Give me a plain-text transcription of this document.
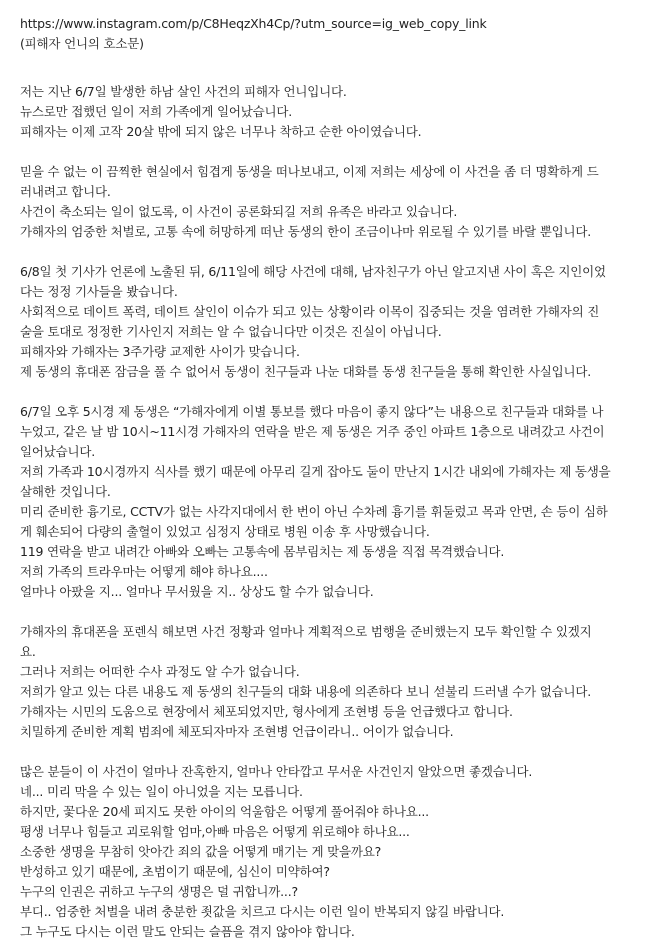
https://www.instagram.com/p/C8HeqzXh4Cp/?utm_source=ig_web_copy_link
(피해자 언니의 호소문)
저는 지난 6/7일 발생한 하남 살인 사건의 피해자 언니입니다.
뉴스로만 접했던 일이 저희 가족에게 일어났습니다.
피해자는 이제 고작 20살 밖에 되지 않은 너무나 착하고 순한 아이였습니다.
믿을 수 없는 이 끔찍한 현실에서 힘겹게 동생을 떠나보내고, 이제 저희는 세상에 이 사건을 좀 더 명확하게 드
러내려고 합니다.
사건이 축소되는 일이 없도록, 이 사건이 공론화되길 저희 유족은 바라고 있습니다.
가해자의 엄중한 처벌로, 고통 속에 허망하게 떠난 동생의 한이 조금이나마 위로될 수 있기를 바랄 뿐입니다.
6/8일 첫 기사가 언론에 노출된 뒤, 6/11일에 해당 사건에 대해, 남자친구가 아닌 알고지낸 사이 혹은 지인이었
다는 정정 기사들을 봤습니다.
사회적으로 데이트 폭력, 데이트 살인이 이슈가 되고 있는 상황이라 이목이 집중되는 것을 염려한 가해자의 진
술을 토대로 정정한 기사인지 저희는 알 수 없습니다만 이것은 진실이 아닙니다.
피해자와 가해자는 3주가량 교제한 사이가 맞습니다.
제 동생의 휴대폰 잠금을 풀 수 없어서 동생이 친구들과 나눈 대화를 동생 친구들을 통해 확인한 사실입니다.
6/7일 오후 5시경 제 동생은 “가해자에게 이별 통보를 했다 마음이 좋지 않다”는 내용으로 친구들과 대화를 나
누었고, 같은 날 밤 10시~11시경 가해자의 연락을 받은 제 동생은 거주 중인 아파트 1층으로 내려갔고 사건이
일어났습니다.
저희 가족과 10시경까지 식사를 했기 때문에 아무리 길게 잡아도 둘이 만난지 1시간 내외에 가해자는 제 동생을
살해한 것입니다.
미리 준비한 흉기로, CCTV가 없는 사각지대에서 한 번이 아닌 수차례 흉기를 휘둘렀고 목과 안면, 손 등이 심하
게 훼손되어 다량의 출혈이 있었고 심정지 상태로 병원 이송 후 사망했습니다.
119 연락을 받고 내려간 아빠와 오빠는 고통속에 몸부림치는 제 동생을 직접 목격했습니다.
저희 가족의 트라우마는 어떻게 해야 하나요....
얼마나 아팠을 지... 얼마나 무서웠을 지.. 상상도 할 수가 없습니다.
가해자의 휴대폰을 포렌식 해보면 사건 정황과 얼마나 계획적으로 범행을 준비했는지 모두 확인할 수 있겠지
요.
그러나 저희는 어떠한 수사 과정도 알 수가 없습니다.
저희가 알고 있는 다른 내용도 제 동생의 친구들의 대화 내용에 의존하다 보니 섣불리 드러낼 수가 없습니다.
가해자는 시민의 도움으로 현장에서 체포되었지만, 형사에게 조현병 등을 언급했다고 합니다.
치밀하게 준비한 계획 범죄에 체포되자마자 조현병 언급이라니.. 어이가 없습니다.
많은 분들이 이 사건이 얼마나 잔혹한지, 얼마나 안타깝고 무서운 사건인지 알았으면 좋겠습니다.
네... 미리 막을 수 있는 일이 아니었을 지는 모릅니다.
하지만, 꽃다운 20세 피지도 못한 아이의 억울함은 어떻게 풀어줘야 하나요...
평생 너무나 힘들고 괴로워할 엄마,아빠 마음은 어떻게 위로해야 하나요...
소중한 생명을 무참히 앗아간 죄의 값을 어떻게 매기는 게 맞을까요?
반성하고 있기 때문에, 초범이기 때문에, 심신이 미약하여?
누구의 인권은 귀하고 누구의 생명은 덜 귀합니까...?
부디.. 엄중한 처벌을 내려 충분한 죗값을 치르고 다시는 이런 일이 반복되지 않길 바랍니다.
그 누구도 다시는 이런 말도 안되는 슬픔을 겪지 않아야 합니다.
